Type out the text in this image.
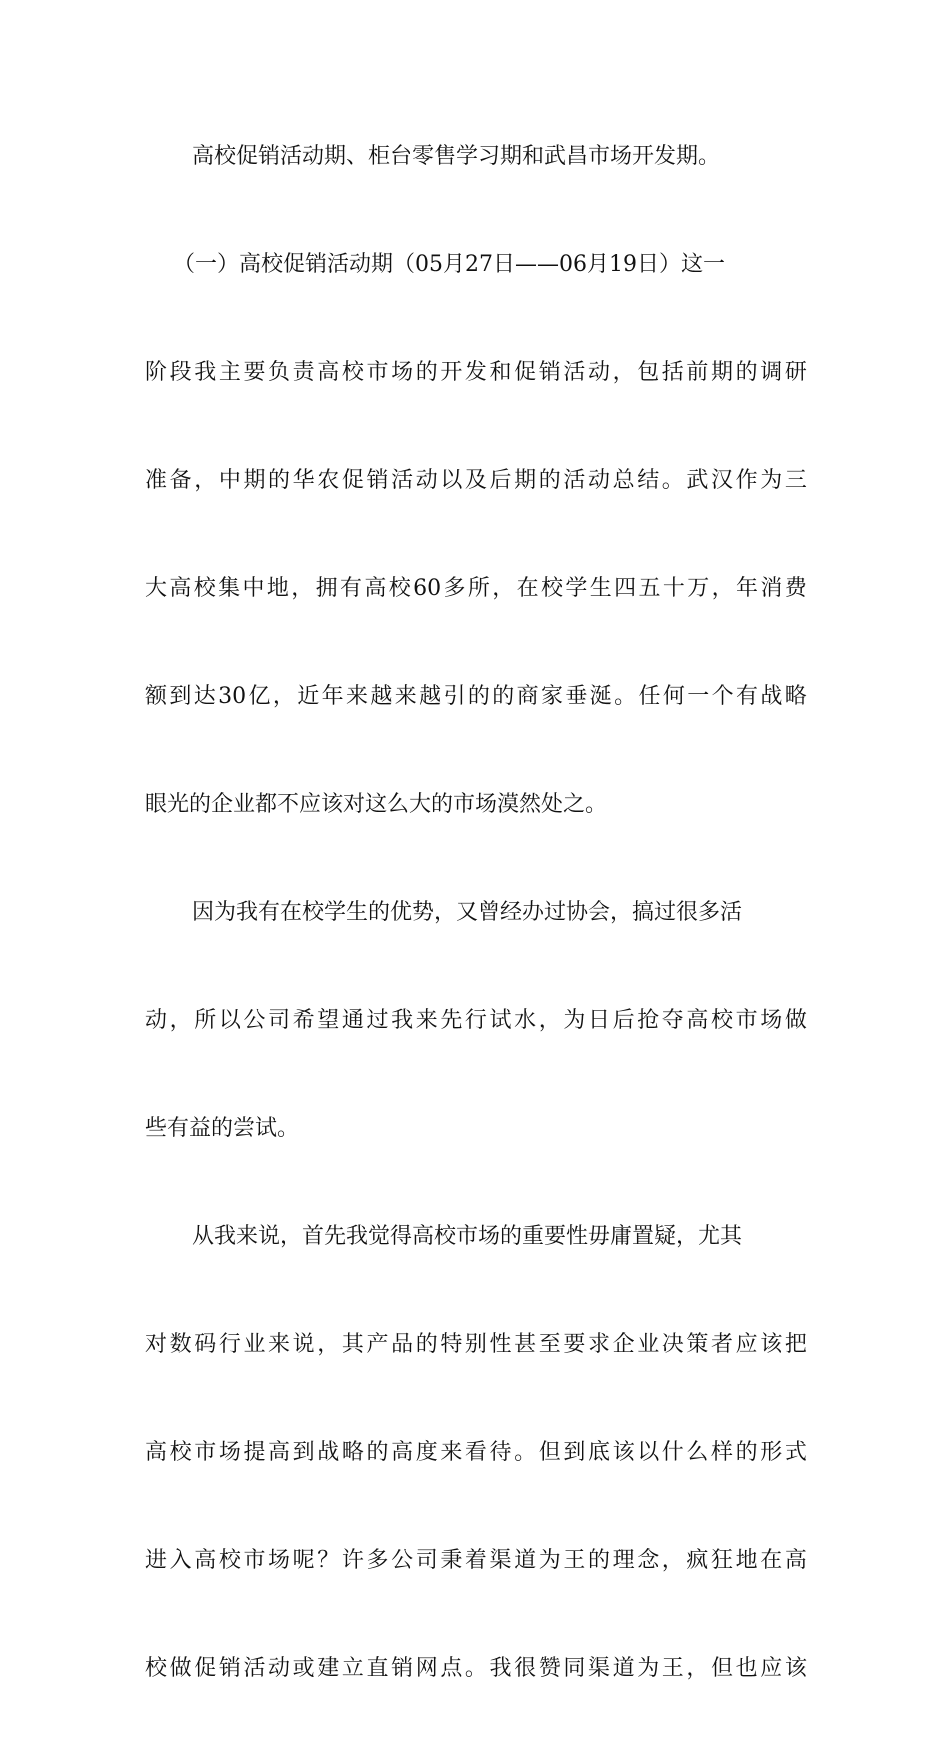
高校促销活动期、柜台零售学习期和武昌市场开发期。
（一）高校促销活动期（05月27日——06月19日）这一
阶 段 我 主 要 负 责 高 校 市 场 的 开 发 和 促 销 活 动 ， 包 括 前 期 的 调 研
准 备 ， 中 期 的 华 农 促 销 活 动 以 及 后 期 的 活 动 总 结 。 武 汉 作 为 三
大 高 校 集 中 地 ， 拥 有 高 校 60 多 所 ， 在 校 学 生 四 五 十 万 ， 年 消 费
额 到 达 30 亿 ， 近 年 来 越 来 越 引 的 的 商 家 垂 涎 。 任 何 一 个 有 战 略
眼光的企业都不应该对这么大的市场漠然处之。
因为我有在校学生的优势，又曾经办过协会，搞过很多活
动 ， 所 以 公 司 希 望 通 过 我 来 先 行 试 水 ， 为 日 后 抢 夺 高 校 市 场 做
些有益的尝试。
从我来说，首先我觉得高校市场的重要性毋庸置疑，尤其
对 数 码 行 业 来 说 ， 其 产 品 的 特 别 性 甚 至 要 求 企 业 决 策 者 应 该 把
高 校 市 场 提 高 到 战 略 的 高 度 来 看 待 。 但 到 底 该 以 什 么 样 的 形 式
进 入 高 校 市 场 呢 ？ 许 多 公 司 秉 着 渠 道 为 王 的 理 念 ， 疯 狂 地 在 高
校 做 促 销 活 动 或 建 立 直 销 网 点 。 我 很 赞 同 渠 道 为 王 ， 但 也 应 该
